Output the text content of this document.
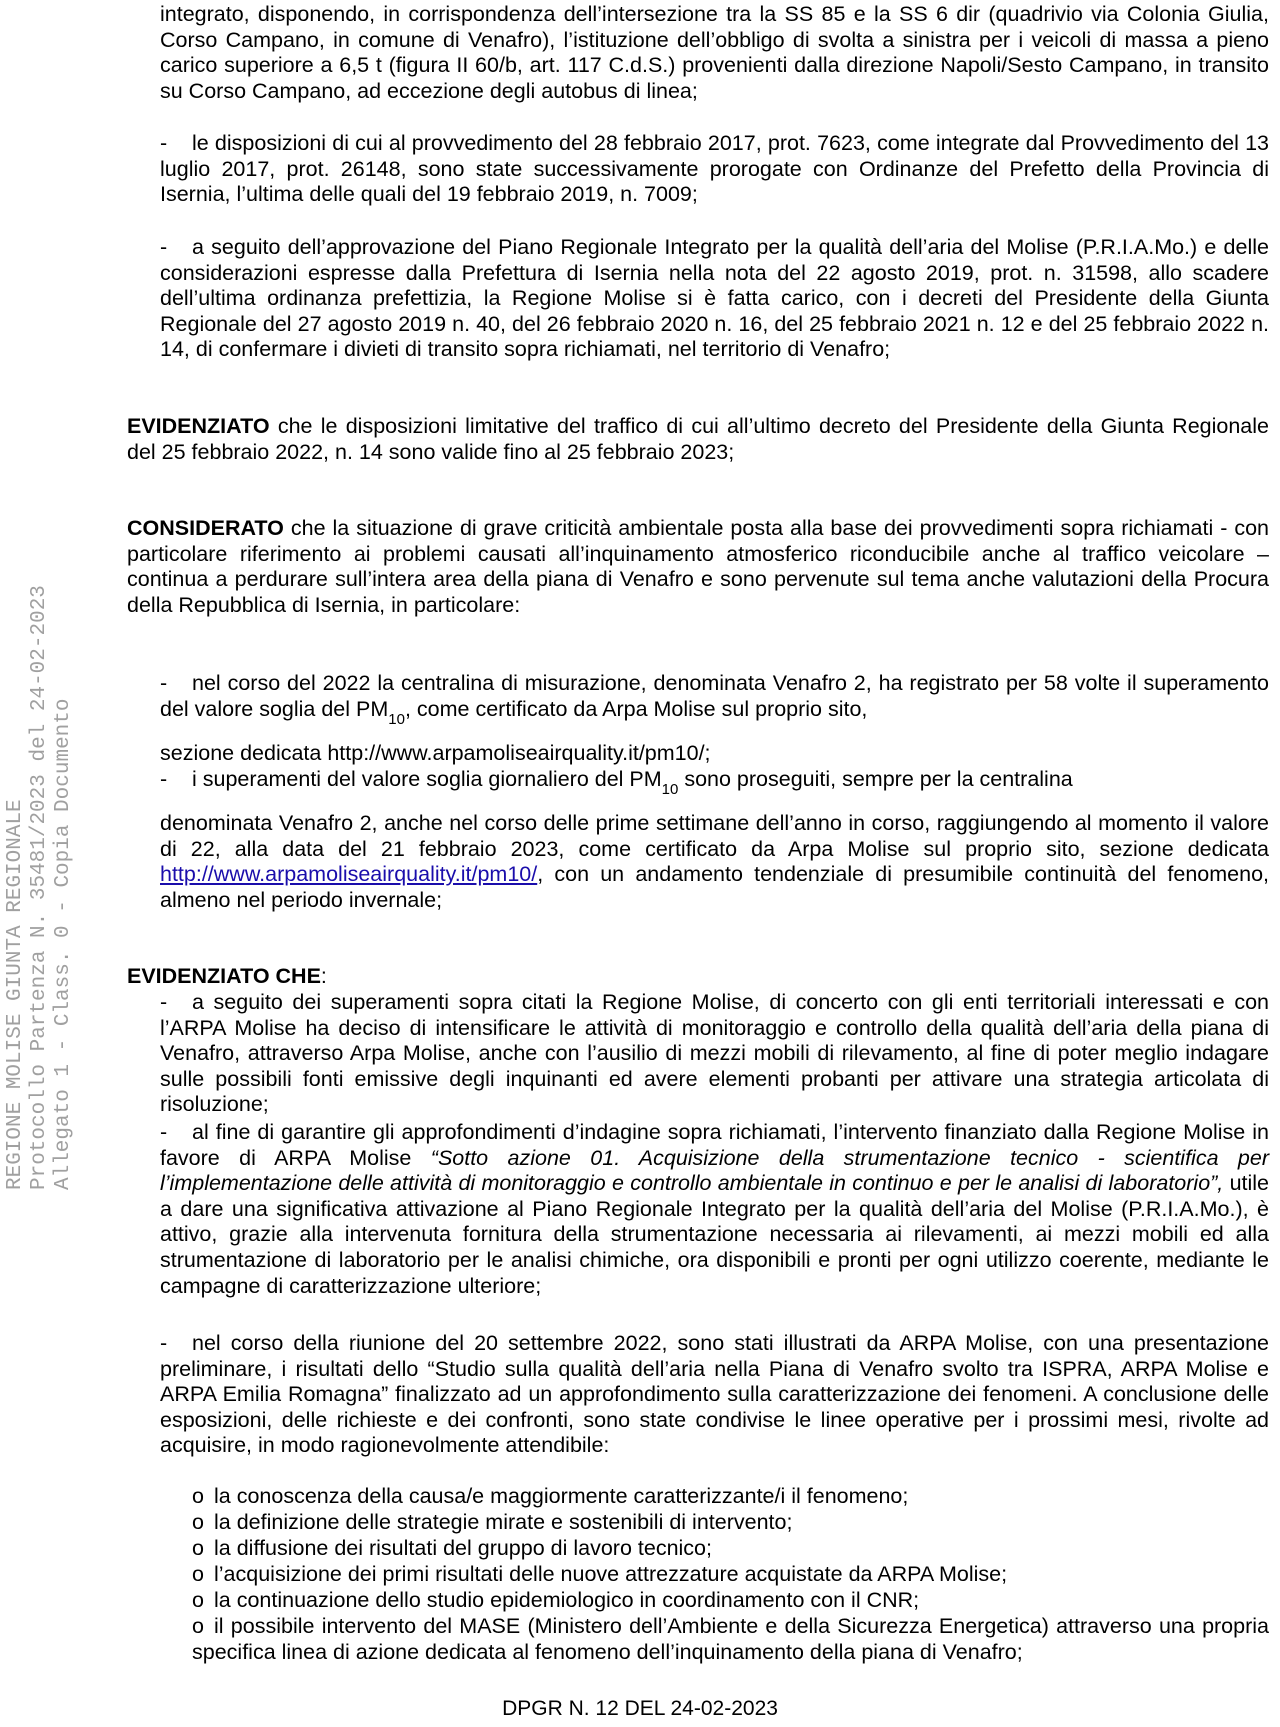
REGIONE MOLISE GIUNTA REGIONALE Protocollo Partenza N. 35481/2023 del 24-02-2023 Allegato 1 - Class. 0 - Copia Documento

integrato, disponendo, in corrispondenza dell’intersezione tra la SS 85 e la SS 6 dir (quadrivio via Colonia Giulia, Corso Campano, in comune di Venafro), l’istituzione dell’obbligo di svolta a sinistra per i veicoli di massa a pieno carico superiore a 6,5 t (figura II 60/b, art. 117 C.d.S.) provenienti dalla direzione Napoli/Sesto Campano, in transito su Corso Campano, ad eccezione degli autobus di linea;

- le disposizioni di cui al provvedimento del 28 febbraio 2017, prot. 7623, come integrate dal Provvedimento del 13 luglio 2017, prot. 26148, sono state successivamente prorogate con Ordinanze del Prefetto della Provincia di Isernia, l’ultima delle quali del 19 febbraio 2019, n. 7009;

- a seguito dell’approvazione del Piano Regionale Integrato per la qualità dell’aria del Molise (P.R.I.A.Mo.) e delle considerazioni espresse dalla Prefettura di Isernia nella nota del 22 agosto 2019, prot. n. 31598, allo scadere dell’ultima ordinanza prefettizia, la Regione Molise si è fatta carico, con i decreti del Presidente della Giunta Regionale del 27 agosto 2019 n. 40, del 26 febbraio 2020 n. 16, del 25 febbraio 2021 n. 12 e del 25 febbraio 2022 n. 14, di confermare i divieti di transito sopra richiamati, nel territorio di Venafro;

EVIDENZIATO che le disposizioni limitative del traffico di cui all’ultimo decreto del Presidente della Giunta Regionale del 25 febbraio 2022, n. 14 sono valide fino al 25 febbraio 2023;

CONSIDERATO che la situazione di grave criticità ambientale posta alla base dei provvedimenti sopra richiamati - con particolare riferimento ai problemi causati all’inquinamento atmosferico riconducibile anche al traffico veicolare – continua a perdurare sull’intera area della piana di Venafro e sono pervenute sul tema anche valutazioni della Procura della Repubblica di Isernia, in particolare:

- nel corso del 2022 la centralina di misurazione, denominata Venafro 2, ha registrato per 58 volte il superamento del valore soglia del $PM_{10}$, come certificato da Arpa Molise sul proprio sito,

sezione dedicata http://www.arpamoliseairquality.it/pm10/;

- i superamenti del valore soglia giornaliero del $PM_{10}$ sono proseguiti, sempre per la centralina

denominata Venafro 2, anche nel corso delle prime settimane dell’anno in corso, raggiungendo al momento il valore di 22, alla data del 21 febbraio 2023, come certificato da Arpa Molise sul proprio sito, sezione dedicata http://www.arpamoliseairquality.it/pm10/, con un andamento tendenziale di presumibile continuità del fenomeno, almeno nel periodo invernale;

EVIDENZIATO CHE:

- a seguito dei superamenti sopra citati la Regione Molise, di concerto con gli enti territoriali interessati e con l’ARPA Molise ha deciso di intensificare le attività di monitoraggio e controllo della qualità dell’aria della piana di Venafro, attraverso Arpa Molise, anche con l’ausilio di mezzi mobili di rilevamento, al fine di poter meglio indagare sulle possibili fonti emissive degli inquinanti ed avere elementi probanti per attivare una strategia articolata di risoluzione;

- al fine di garantire gli approfondimenti d’indagine sopra richiamati, l’intervento finanziato dalla Regione Molise in favore di ARPA Molise “Sotto azione 01. Acquisizione della strumentazione tecnico - scientifica per l’implementazione delle attività di monitoraggio e controllo ambientale in continuo e per le analisi di laboratorio”, utile a dare una significativa attivazione al Piano Regionale Integrato per la qualità dell’aria del Molise (P.R.I.A.Mo.), è attivo, grazie alla intervenuta fornitura della strumentazione necessaria ai rilevamenti, ai mezzi mobili ed alla strumentazione di laboratorio per le analisi chimiche, ora disponibili e pronti per ogni utilizzo coerente, mediante le campagne di caratterizzazione ulteriore;

- nel corso della riunione del 20 settembre 2022, sono stati illustrati da ARPA Molise, con una presentazione preliminare, i risultati dello “Studio sulla qualità dell’aria nella Piana di Venafro svolto tra ISPRA, ARPA Molise e ARPA Emilia Romagna” finalizzato ad un approfondimento sulla caratterizzazione dei fenomeni. A conclusione delle esposizioni, delle richieste e dei confronti, sono state condivise le linee operative per i prossimi mesi, rivolte ad acquisire, in modo ragionevolmente attendibile:

o la conoscenza della causa/e maggiormente caratterizzante/i il fenomeno;

o la definizione delle strategie mirate e sostenibili di intervento;

o la diffusione dei risultati del gruppo di lavoro tecnico;

o l’acquisizione dei primi risultati delle nuove attrezzature acquistate da ARPA Molise;

o la continuazione dello studio epidemiologico in coordinamento con il CNR;

o il possibile intervento del MASE (Ministero dell’Ambiente e della Sicurezza Energetica) attraverso una propria specifica linea di azione dedicata al fenomeno dell’inquinamento della piana di Venafro;

DPGR N. 12 DEL 24-02-2023
